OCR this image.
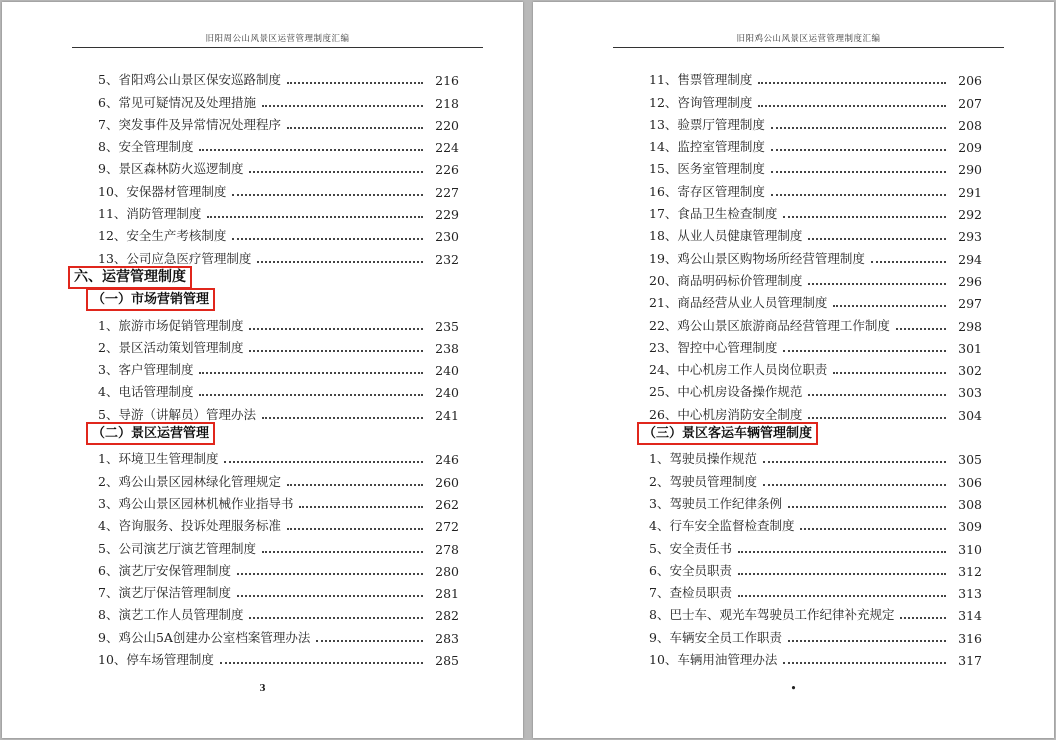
旧阳周公山风景区运营管理制度汇编
5、省阳鸡公山景区保安巡路制度	216
6、常见可疑情况及处理措施	218
7、突发事件及异常情况处理程序	220
8、安全管理制度	224
9、景区森林防火巡逻制度	226
10、安保器材管理制度	227
11、消防管理制度	229
12、安全生产考核制度	230
13、公司应急医疗管理制度	232
六、运营管理制度
（一）市场营销管理
1、旅游市场促销管理制度	235
2、景区活动策划管理制度	238
3、客户管理制度	240
4、电话管理制度	240
5、导游（讲解员）管理办法	241
（二）景区运营管理
1、环境卫生管理制度	246
2、鸡公山景区园林绿化管理规定	260
3、鸡公山景区园林机械作业指导书	262
4、咨询服务、投诉处理服务标准	272
5、公司演艺厅演艺管理制度	278
6、演艺厅安保管理制度	280
7、演艺厅保洁管理制度	281
8、演艺工作人员管理制度	282
9、鸡公山5A创建办公室档案管理办法	283
10、停车场管理制度	285
3
旧阳鸡公山风景区运营管理制度汇编
11、售票管理制度	206
12、咨询管理制度	207
13、验票厅管理制度	208
14、监控室管理制度	209
15、医务室管理制度	290
16、寄存区管理制度	291
17、食品卫生检查制度	292
18、从业人员健康管理制度	293
19、鸡公山景区购物场所经营管理制度	294
20、商品明码标价管理制度	296
21、商品经营从业人员管理制度	297
22、鸡公山景区旅游商品经营管理工作制度	298
23、智控中心管理制度	301
24、中心机房工作人员岗位职责	302
25、中心机房设备操作规范	303
26、中心机房消防安全制度	304
（三）景区客运车辆管理制度
1、驾驶员操作规范	305
2、驾驶员管理制度	306
3、驾驶员工作纪律条例	308
4、行车安全监督检查制度	309
5、安全责任书	310
6、安全员职责	312
7、查检员职责	313
8、巴士车、观光车驾驶员工作纪律补充规定	314
9、车辆安全员工作职责	316
10、车辆用油管理办法	317
•
